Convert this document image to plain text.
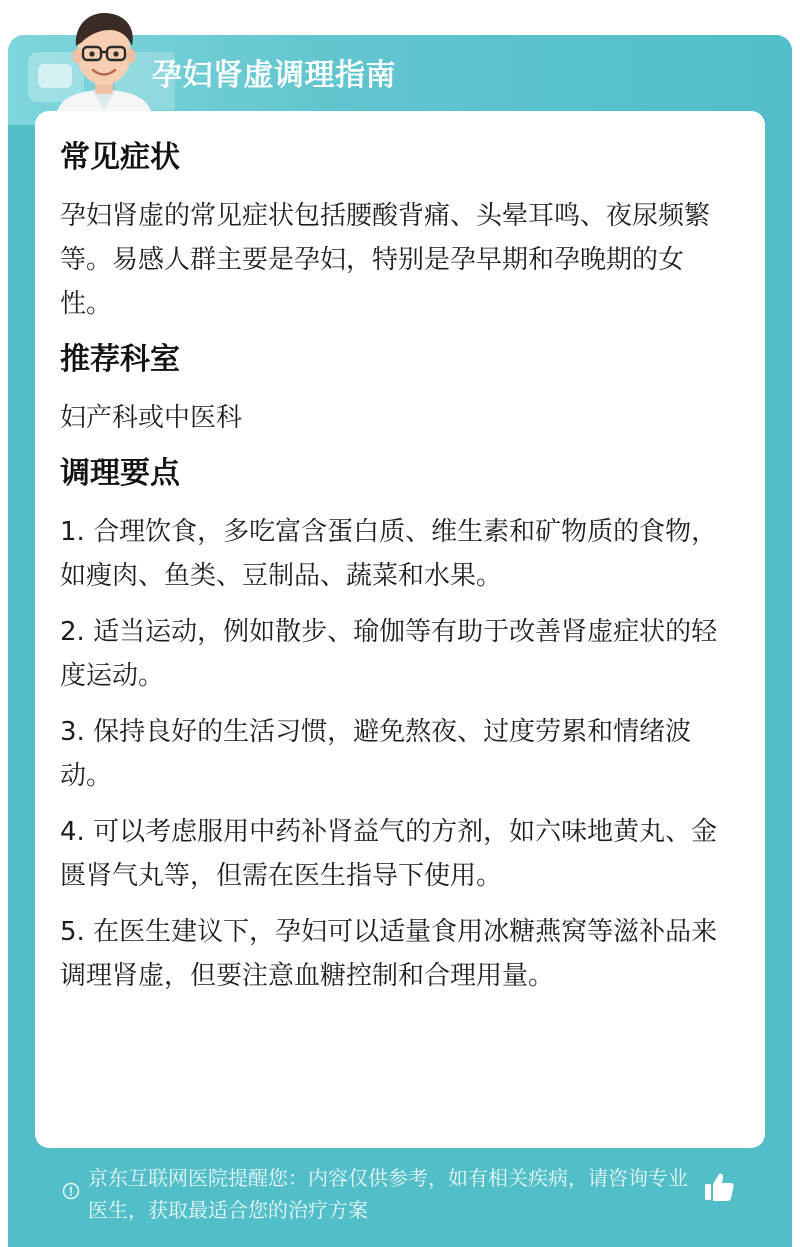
孕妇肾虚调理指南
常见症状

孕妇肾虚的常见症状包括腰酸背痛、头晕耳鸣、夜尿频繁等。易感人群主要是孕妇，特别是孕早期和孕晚期的女性。

推荐科室

妇产科或中医科

调理要点

1. 合理饮食，多吃富含蛋白质、维生素和矿物质的食物，如瘦肉、鱼类、豆制品、蔬菜和水果。

2. 适当运动，例如散步、瑜伽等有助于改善肾虚症状的轻度运动。

3. 保持良好的生活习惯，避免熬夜、过度劳累和情绪波动。

4. 可以考虑服用中药补肾益气的方剂，如六味地黄丸、金匮肾气丸等，但需在医生指导下使用。

5. 在医生建议下，孕妇可以适量食用冰糖燕窝等滋补品来调理肾虚，但要注意血糖控制和合理用量。

京东互联网医院提醒您：内容仅供参考，如有相关疾病，请咨询专业医生，获取最适合您的治疗方案
